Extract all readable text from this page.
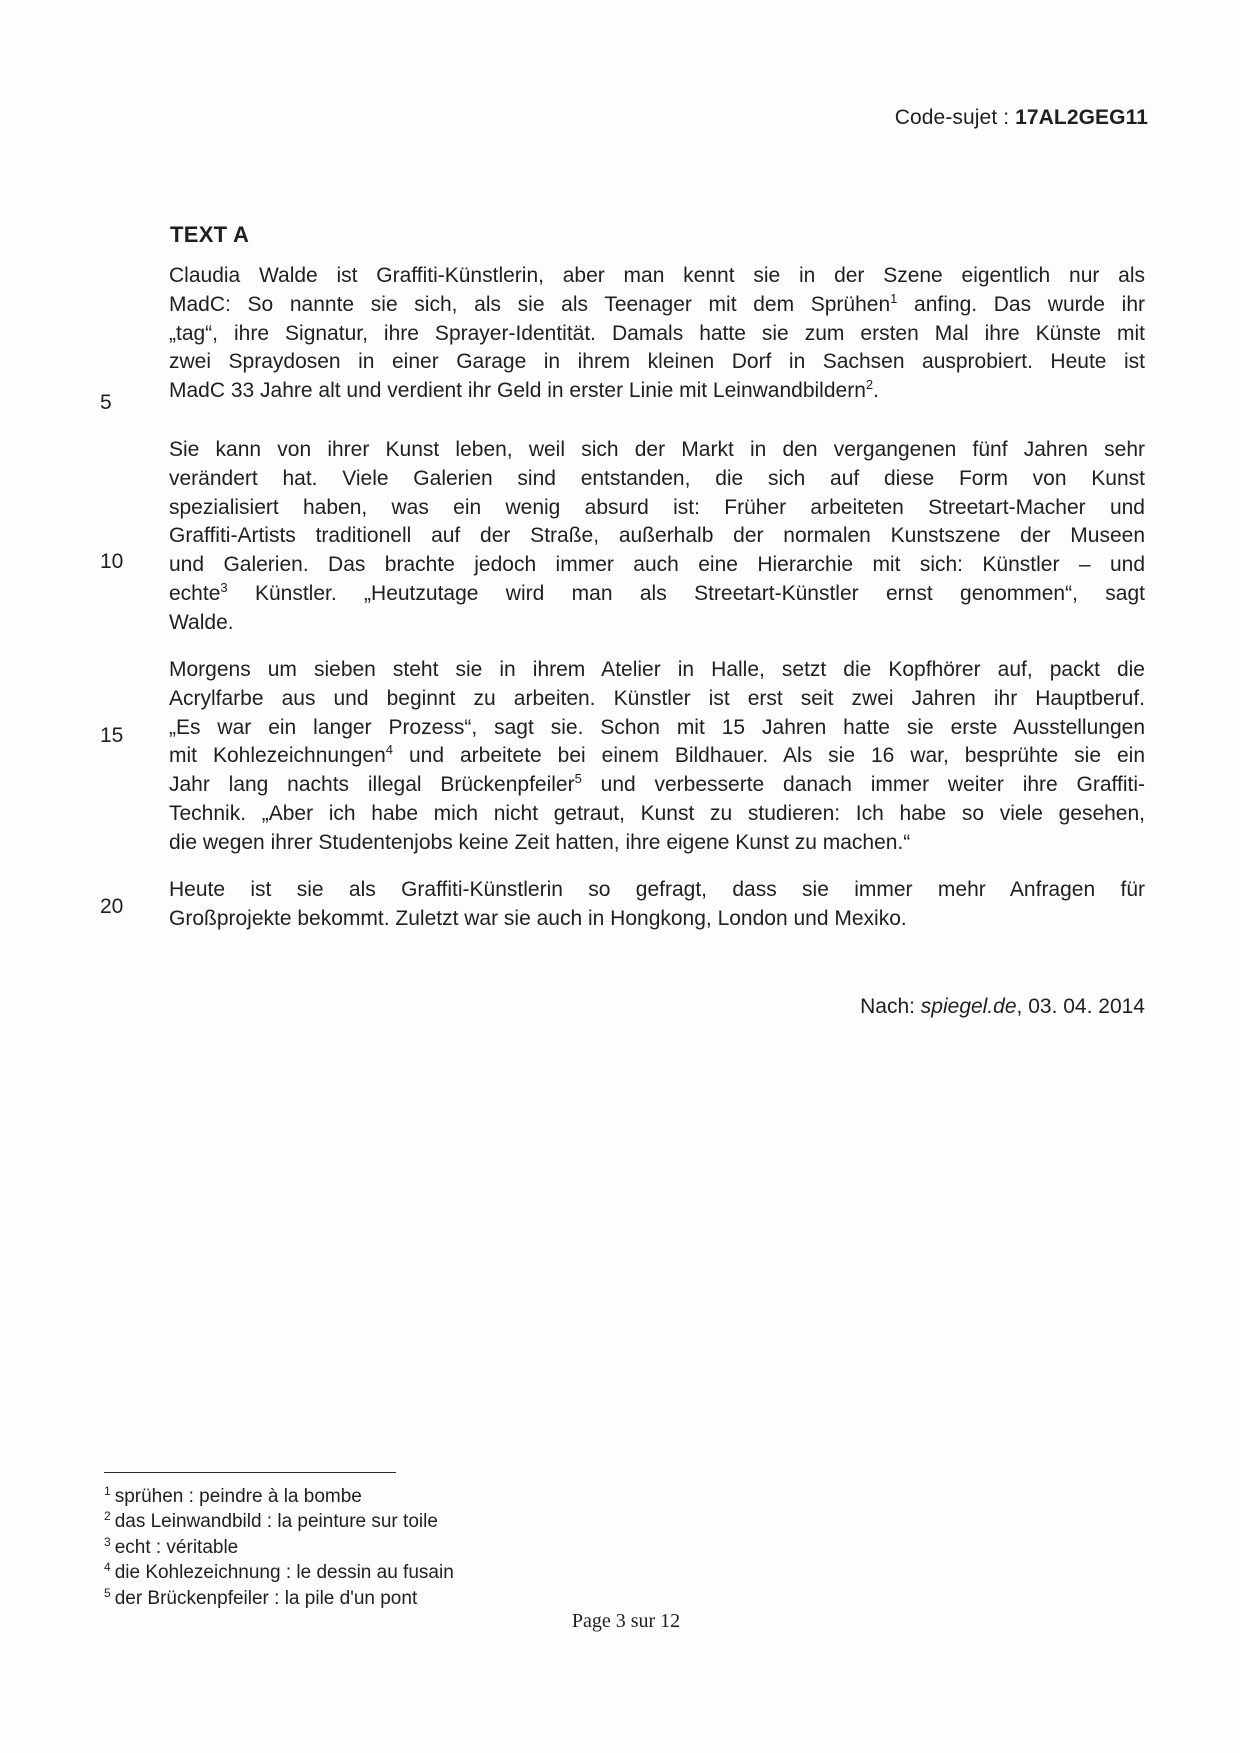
Code-sujet : 17AL2GEG11
TEXT A
Claudia Walde ist Graffiti-Künstlerin, aber man kennt sie in der Szene eigentlich nur als
MadC: So nannte sie sich, als sie als Teenager mit dem Sprühen$^1$ anfing. Das wurde ihr
„tag“, ihre Signatur, ihre Sprayer-Identität. Damals hatte sie zum ersten Mal ihre Künste mit
zwei Spraydosen in einer Garage in ihrem kleinen Dorf in Sachsen ausprobiert. Heute ist
MadC 33 Jahre alt und verdient ihr Geld in erster Linie mit Leinwandbildern$^2$.
Sie kann von ihrer Kunst leben, weil sich der Markt in den vergangenen fünf Jahren sehr
verändert hat. Viele Galerien sind entstanden, die sich auf diese Form von Kunst
spezialisiert haben, was ein wenig absurd ist: Früher arbeiteten Streetart-Macher und
Graffiti-Artists traditionell auf der Straße, außerhalb der normalen Kunstszene der Museen
und Galerien. Das brachte jedoch immer auch eine Hierarchie mit sich: Künstler – und
echte$^3$ Künstler. „Heutzutage wird man als Streetart-Künstler ernst genommen“, sagt
Walde.
Morgens um sieben steht sie in ihrem Atelier in Halle, setzt die Kopfhörer auf, packt die
Acrylfarbe aus und beginnt zu arbeiten. Künstler ist erst seit zwei Jahren ihr Hauptberuf.
„Es war ein langer Prozess“, sagt sie. Schon mit 15 Jahren hatte sie erste Ausstellungen
mit Kohlezeichnungen$^4$ und arbeitete bei einem Bildhauer. Als sie 16 war, besprühte sie ein
Jahr lang nachts illegal Brückenpfeiler$^5$ und verbesserte danach immer weiter ihre Graffiti-
Technik. „Aber ich habe mich nicht getraut, Kunst zu studieren: Ich habe so viele gesehen,
die wegen ihrer Studentenjobs keine Zeit hatten, ihre eigene Kunst zu machen.“
Heute ist sie als Graffiti-Künstlerin so gefragt, dass sie immer mehr Anfragen für
Großprojekte bekommt. Zuletzt war sie auch in Hongkong, London und Mexiko.
5
10
15
20
Nach: spiegel.de, 03. 04. 2014
$^1$ sprühen : peindre à la bombe
$^2$ das Leinwandbild : la peinture sur toile
$^3$ echt : véritable
$^4$ die Kohlezeichnung : le dessin au fusain
$^5$ der Brückenpfeiler : la pile d'un pont
Page 3 sur 12
